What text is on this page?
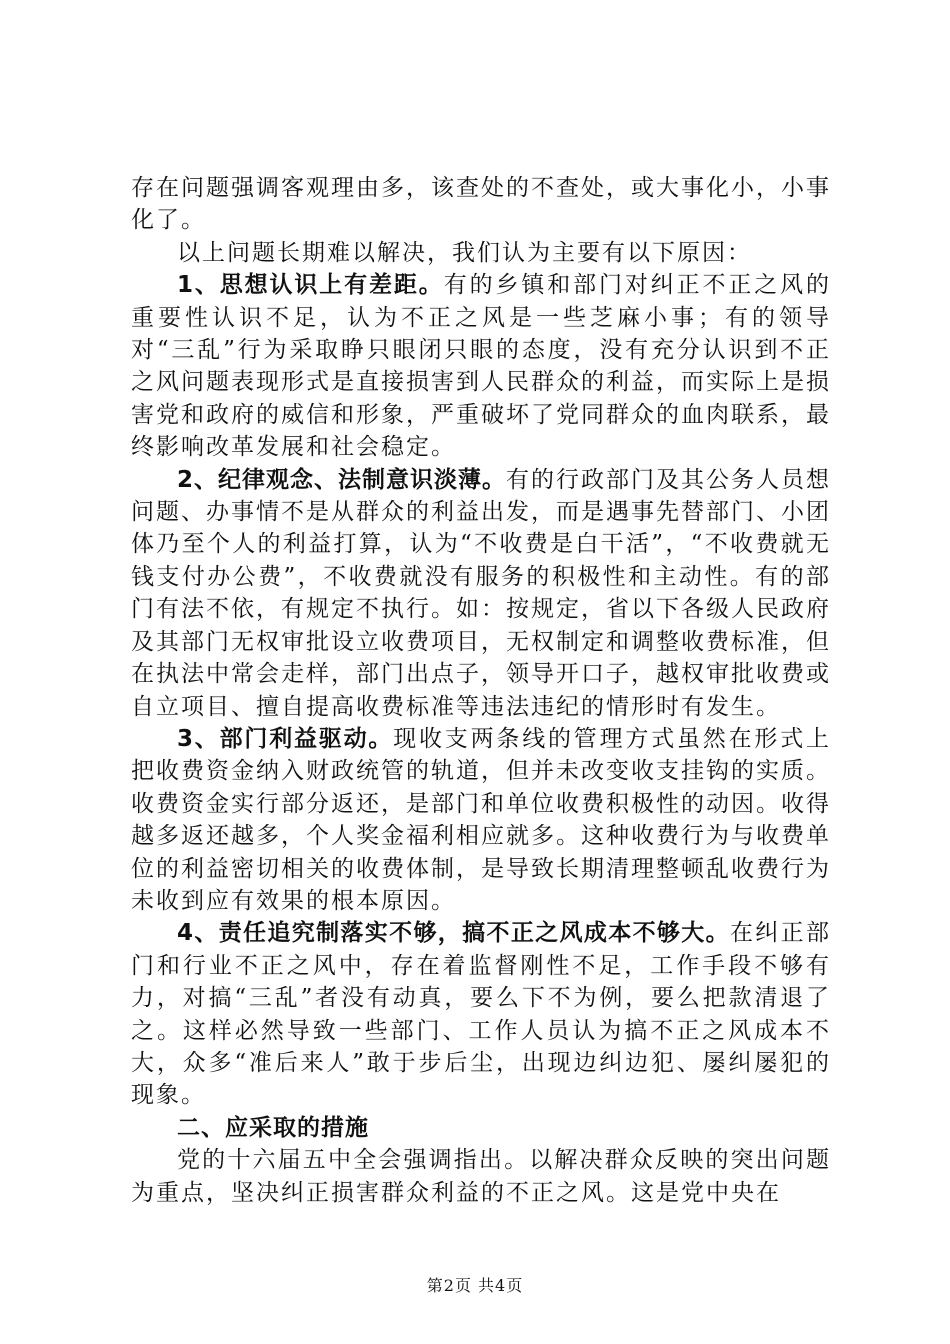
存在问题强调客观理由多，该查处的不查处，或大事化小，小事化了。

以上问题长期难以解决，我们认为主要有以下原因：

1、思想认识上有差距。有的乡镇和部门对纠正不正之风的重要性认识不足，认为不正之风是一些芝麻小事；有的领导对“三乱”行为采取睁只眼闭只眼的态度，没有充分认识到不正之风问题表现形式是直接损害到人民群众的利益，而实际上是损害党和政府的威信和形象，严重破坏了党同群众的血肉联系，最终影响改革发展和社会稳定。

2、纪律观念、法制意识淡薄。有的行政部门及其公务人员想问题、办事情不是从群众的利益出发，而是遇事先替部门、小团体乃至个人的利益打算，认为“不收费是白干活”，“不收费就无钱支付办公费”，不收费就没有服务的积极性和主动性。有的部门有法不依，有规定不执行。如：按规定，省以下各级人民政府及其部门无权审批设立收费项目，无权制定和调整收费标准，但在执法中常会走样，部门出点子，领导开口子，越权审批收费或自立项目、擅自提高收费标准等违法违纪的情形时有发生。

3、部门利益驱动。现收支两条线的管理方式虽然在形式上把收费资金纳入财政统管的轨道，但并未改变收支挂钩的实质。收费资金实行部分返还，是部门和单位收费积极性的动因。收得越多返还越多，个人奖金福利相应就多。这种收费行为与收费单位的利益密切相关的收费体制，是导致长期清理整顿乱收费行为未收到应有效果的根本原因。

4、责任追究制落实不够，搞不正之风成本不够大。在纠正部门和行业不正之风中，存在着监督刚性不足，工作手段不够有力，对搞“三乱”者没有动真，要么下不为例，要么把款清退了之。这样必然导致一些部门、工作人员认为搞不正之风成本不大，众多“准后来人”敢于步后尘，出现边纠边犯、屡纠屡犯的现象。

二、应采取的措施

党的十六届五中全会强调指出。以解决群众反映的突出问题为重点，坚决纠正损害群众利益的不正之风。这是党中央在

第2页 共4页
